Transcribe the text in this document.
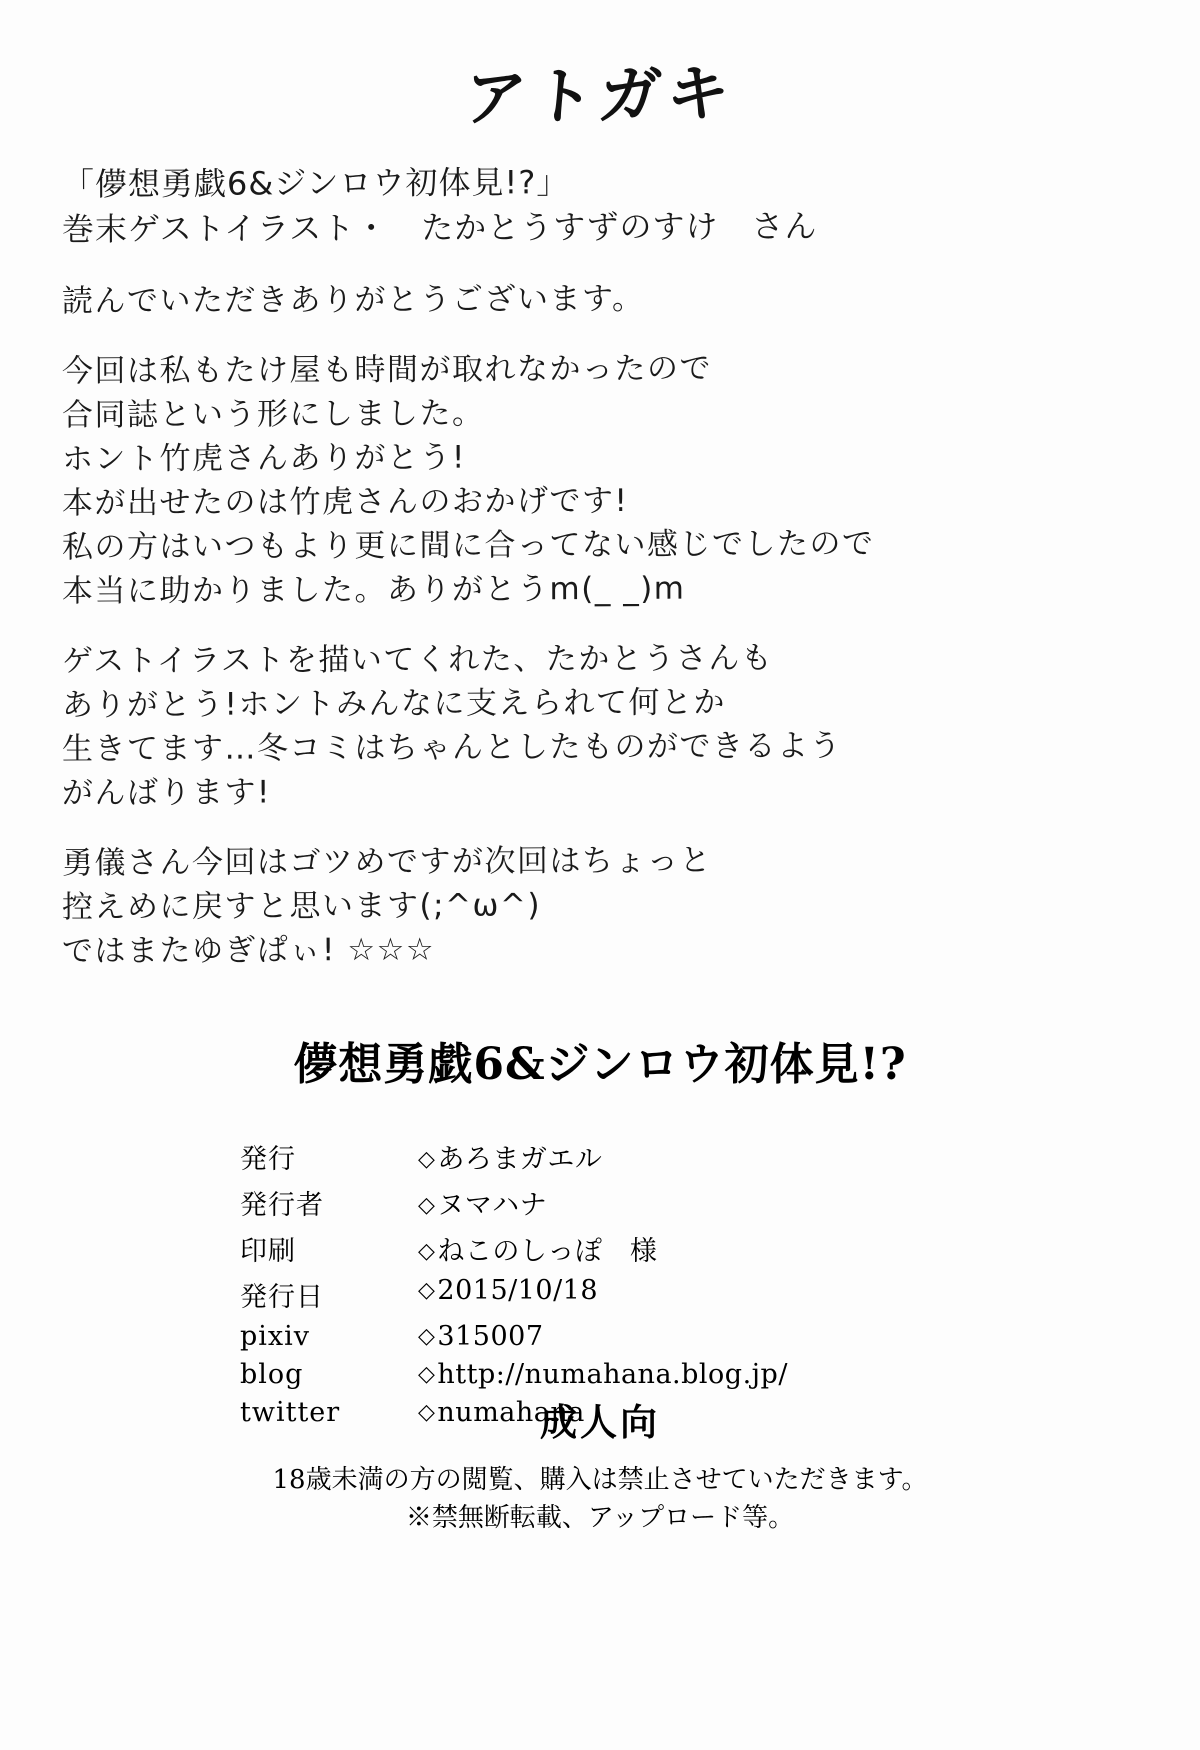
アトガキ
「儚想勇戯6&ジンロウ初体見!?」
巻末ゲストイラスト・　たかとうすずのすけ　さん
読んでいただきありがとうございます。
今回は私もたけ屋も時間が取れなかったので
合同誌という形にしました。
ホント竹虎さんありがとう!
本が出せたのは竹虎さんのおかげです!
私の方はいつもより更に間に合ってない感じでしたので
本当に助かりました。ありがとうm(_ _)m
ゲストイラストを描いてくれた、たかとうさんも
ありがとう!ホントみんなに支えられて何とか
生きてます…冬コミはちゃんとしたものができるよう
がんばります!
勇儀さん今回はゴツめですが次回はちょっと
控えめに戻すと思います(;^ω^)
ではまたゆぎぱぃ! ☆☆☆
儚想勇戯6&ジンロウ初体見!?
発行	◇あろまガエル
発行者	◇ヌマハナ
印刷	◇ねこのしっぽ　様
発行日	◇2015/10/18
pixiv	◇315007
blog	◇http://numahana.blog.jp/
twitter	◇numahana
成人向
18歳未満の方の閲覧、購入は禁止させていただきます。
※禁無断転載、アップロード等。
